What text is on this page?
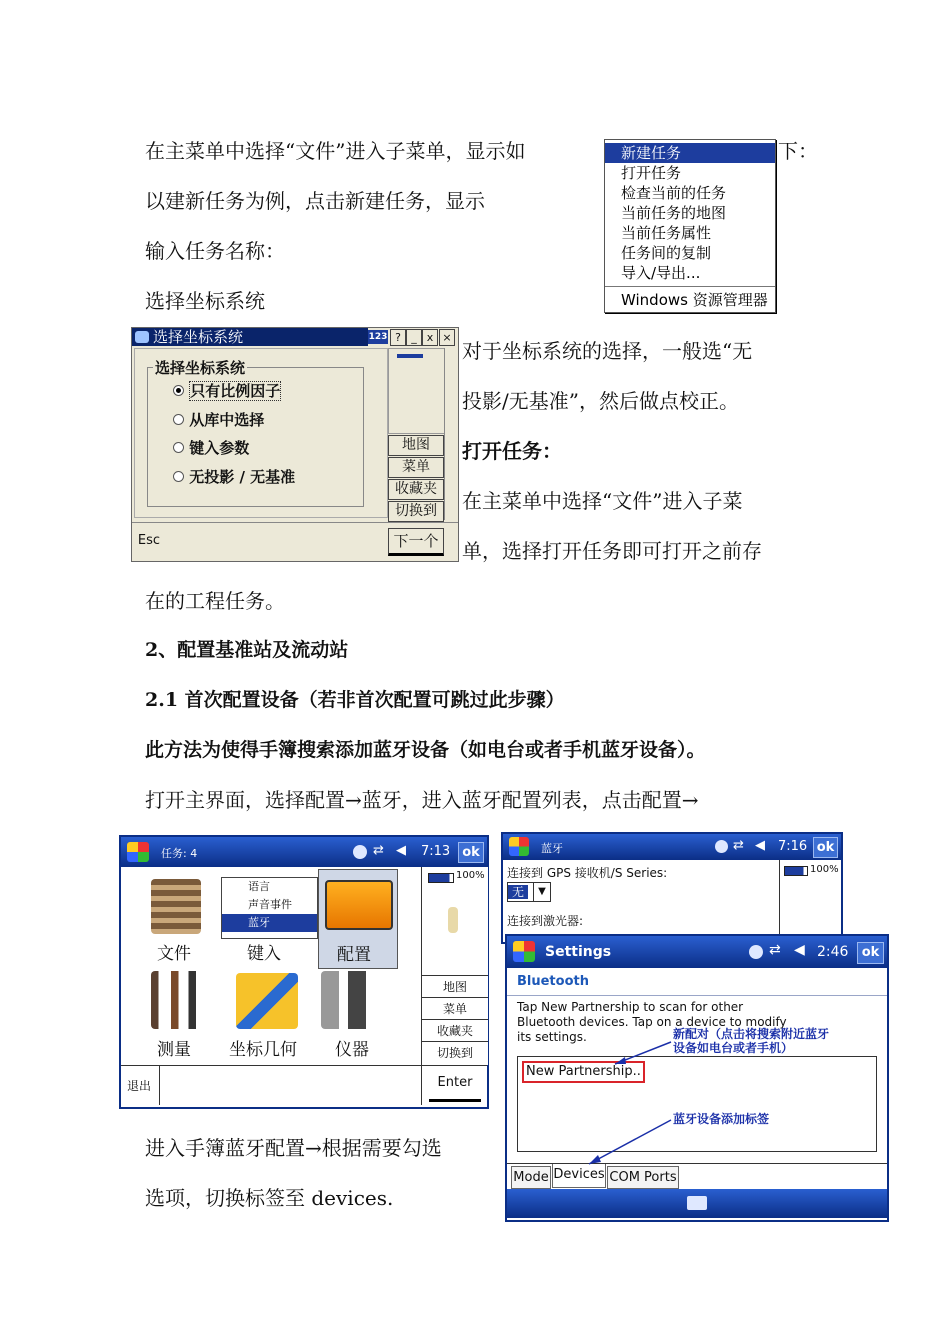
在主菜单中选择“文件”进入子菜单，显示如	下：
以建新任务为例，点击新建任务，显示
输入任务名称：
选择坐标系统
对于坐标系统的选择，一般选“无
投影/无基准”，然后做点校正。
打开任务：
在主菜单中选择“文件”进入子菜
单，选择打开任务即可打开之前存
在的工程任务。
2、配置基准站及流动站
2.1 首次配置设备（若非首次配置可跳过此步骤）
此方法为使得手簿搜索添加蓝牙设备（如电台或者手机蓝牙设备）。
打开主界面，选择配置→蓝牙，进入蓝牙配置列表，点击配置→
进入手簿蓝牙配置→根据需要勾选
选项，切换标签至 devices.
新建任务
打开任务
检查当前的任务
当前任务的地图
当前任务属性
任务间的复制
导入/导出...
Windows 资源管理器
选择坐标系统	123 ? _ x ×
选择坐标系统
只有比例因子
从库中选择
键入参数
无投影 / 无基准
地图
菜单
收藏夹
切换到
Esc	下一个
任务: 4	⇄ ◀ 7:13 ok
文件
语言
声音事件
蓝牙
键入	配置
测量 坐标几何 仪器
100%
地图
菜单
收藏夹
切换到
退出	Enter
蓝牙	⇄ ◀ 7:16 ok
连接到 GPS 接收机/S Series:
无	▼
连接到激光器:
100%
Settings	⇄ ◀ 2:46	ok
Bluetooth
Tap New Partnership to scan for other
Bluetooth devices. Tap on a device to modify
its settings.
New Partnership..
Mode Devices COM Ports
新配对（点击将搜索附近蓝牙
设备如电台或者手机）
蓝牙设备添加标签
